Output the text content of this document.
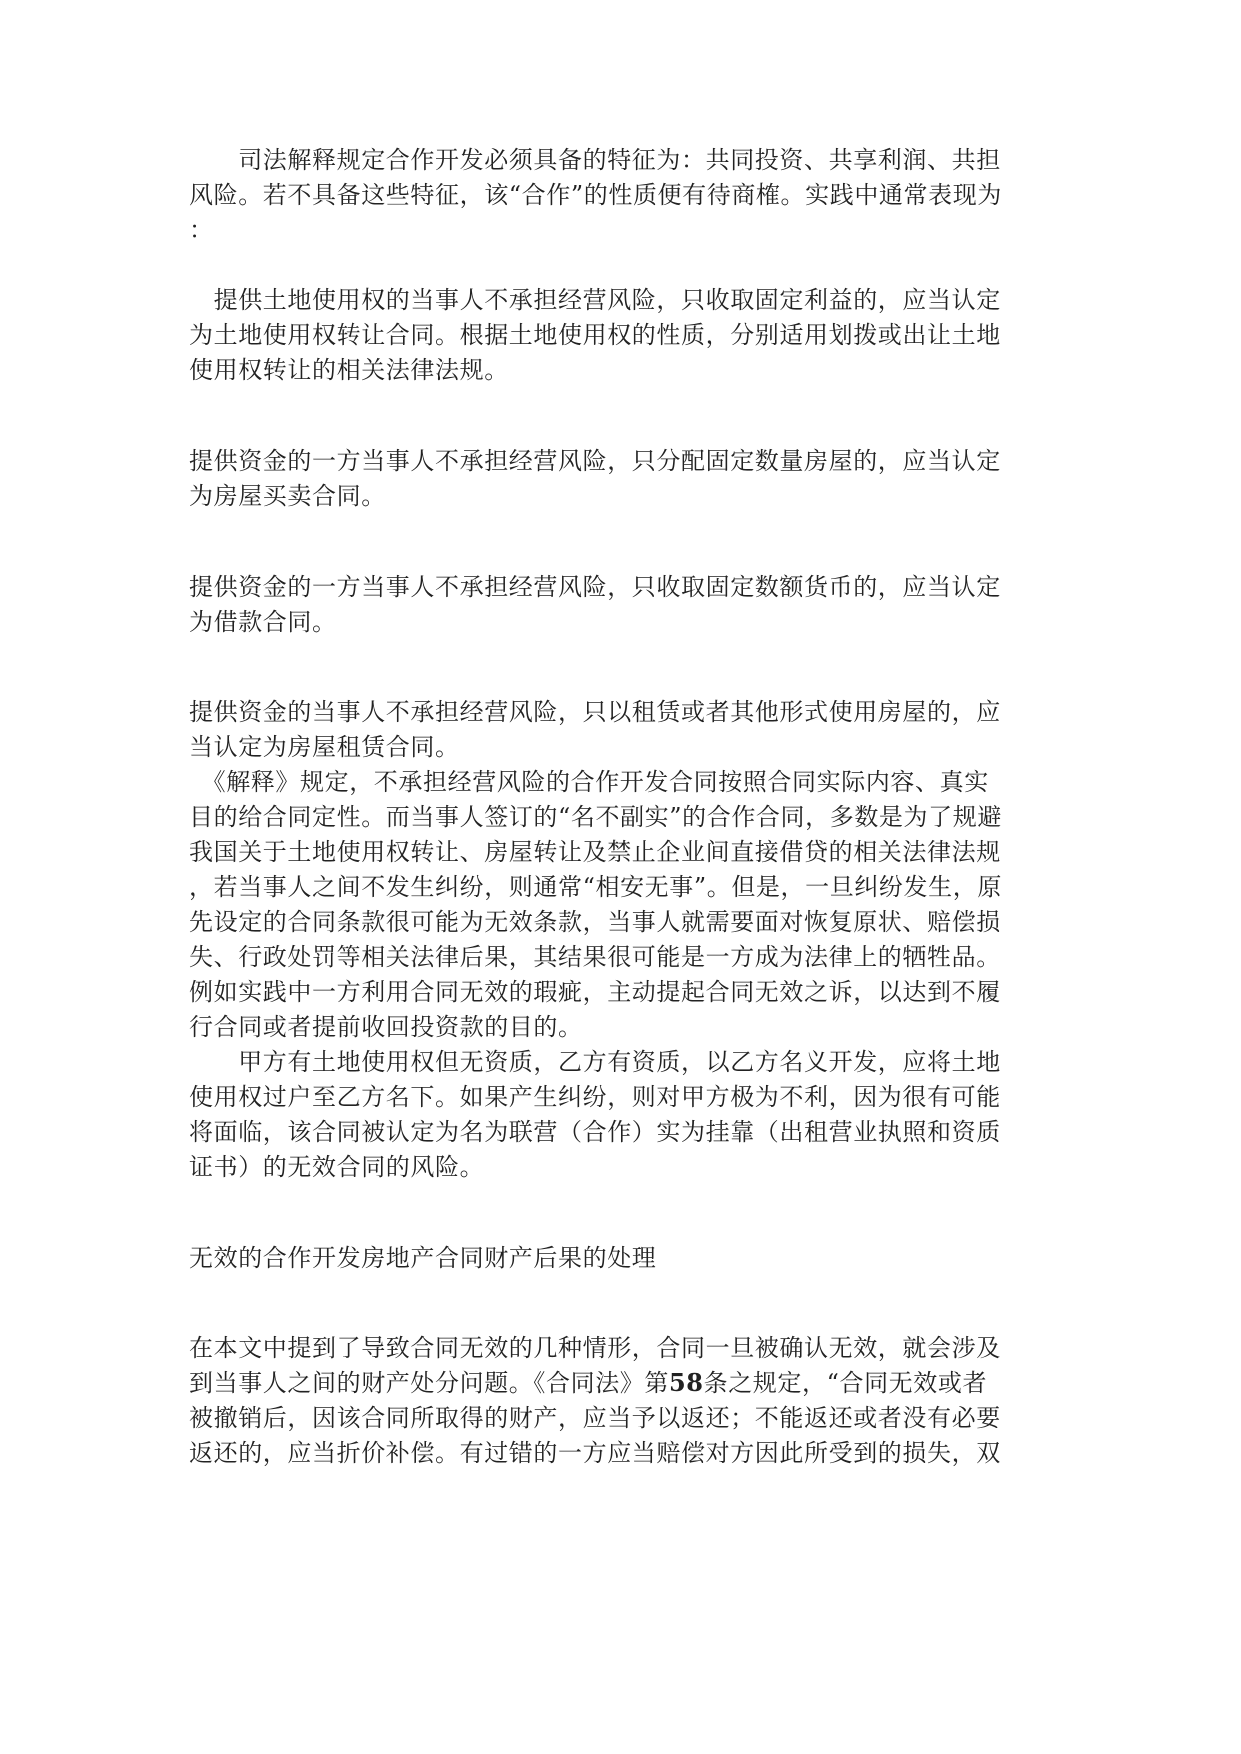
　　司法解释规定合作开发必须具备的特征为：共同投资、共享利润、共担
风险。若不具备这些特征，该“合作”的性质便有待商榷。实践中通常表现为
：
　提供土地使用权的当事人不承担经营风险，只收取固定利益的，应当认定
为土地使用权转让合同。根据土地使用权的性质，分别适用划拨或出让土地
使用权转让的相关法律法规。
提供资金的一方当事人不承担经营风险，只分配固定数量房屋的，应当认定
为房屋买卖合同。
提供资金的一方当事人不承担经营风险，只收取固定数额货币的，应当认定
为借款合同。
提供资金的当事人不承担经营风险，只以租赁或者其他形式使用房屋的，应
当认定为房屋租赁合同。
　《解释》规定，不承担经营风险的合作开发合同按照合同实际内容、真实
目的给合同定性。而当事人签订的“名不副实”的合作合同，多数是为了规避
我国关于土地使用权转让、房屋转让及禁止企业间直接借贷的相关法律法规
，若当事人之间不发生纠纷，则通常“相安无事”。但是，一旦纠纷发生，原
先设定的合同条款很可能为无效条款，当事人就需要面对恢复原状、赔偿损
失、行政处罚等相关法律后果，其结果很可能是一方成为法律上的牺牲品。
例如实践中一方利用合同无效的瑕疵，主动提起合同无效之诉，以达到不履
行合同或者提前收回投资款的目的。
　　甲方有土地使用权但无资质，乙方有资质，以乙方名义开发，应将土地
使用权过户至乙方名下。如果产生纠纷，则对甲方极为不利，因为很有可能
将面临，该合同被认定为名为联营（合作）实为挂靠（出租营业执照和资质
证书）的无效合同的风险。
无效的合作开发房地产合同财产后果的处理
在本文中提到了导致合同无效的几种情形，合同一旦被确认无效，就会涉及
到当事人之间的财产处分问题。《合同法》第58条之规定，“合同无效或者
被撤销后，因该合同所取得的财产，应当予以返还；不能返还或者没有必要
返还的，应当折价补偿。有过错的一方应当赔偿对方因此所受到的损失，双
